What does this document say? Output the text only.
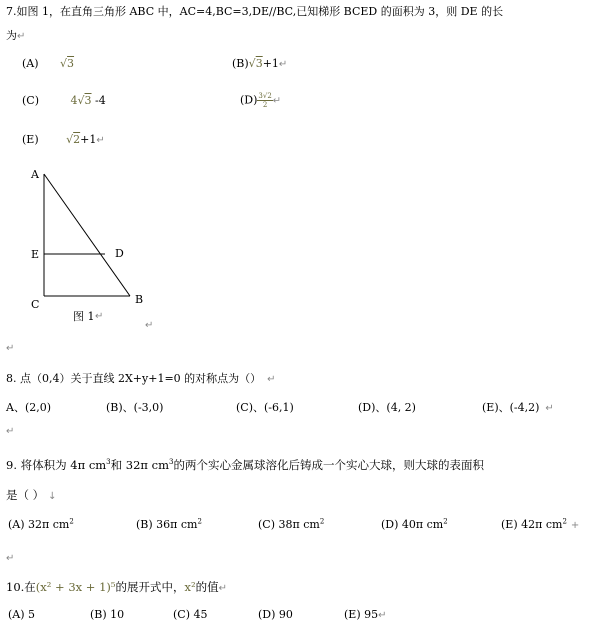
7.如图 1，在直角三角形 ABC 中，AC=4,BC=3,DE//BC,已知梯形 BCED 的面积为 3，则 DE 的长
为↵
(A) √3	(B)√3+1↵
(C)	4√3 -4	$(D) \frac{3√2}{2}$ ↵
(E)	√2+1↵
A
E	D
C	B
图 1 ↵
↵
↵
8. 点（0,4）关于直线 2X+y+1=0 的对称点为（） ↵
A、(2,0)	(B)、(-3,0)	(C)、(-6,1)	(D)、(4, 2)	(E)、(-4,2) ↵
↵
9. 将体积为 4π $cm^3$和 32π $cm^3$的两个实心金属球溶化后铸成一个实心大球，则大球的表面积
是（ ） ↓
(A) 32π $cm^2$	(B) 36π $cm^2$	(C) 38π $cm^2$	(D) 40π $cm^2$	(E) 42π $cm^2$ +
↵
10.在(x² + 3x + 1)⁵的展开式中，x²的值↵
(A) 5	(B) 10	(C) 45	(D) 90	(E) 95↵
